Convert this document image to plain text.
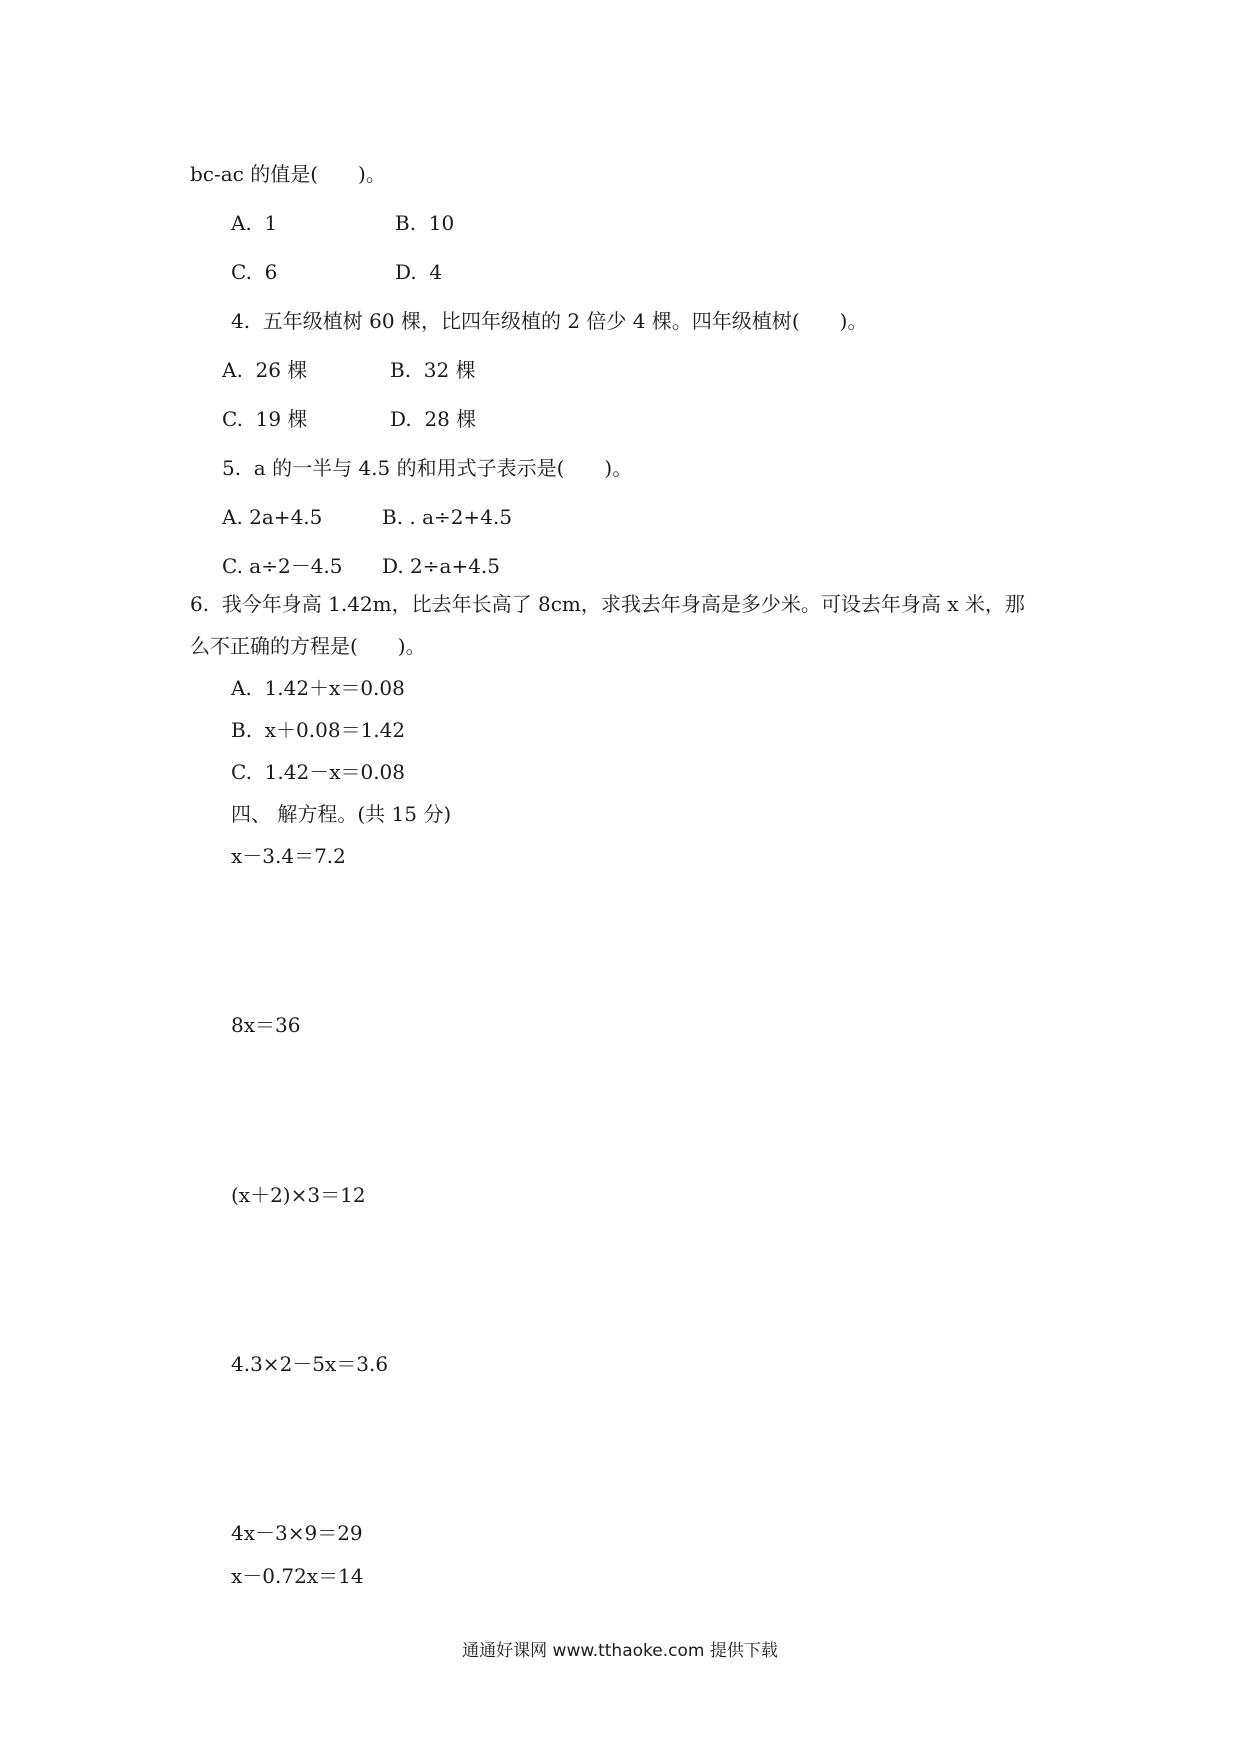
bc-ac 的值是(　　)。
A.  1	B.  10
C.  6	D.  4
4.  五年级植树 60 棵，比四年级植的 2 倍少 4 棵。四年级植树(　　)。
A.  26 棵	B.  32 棵
C.  19 棵	D.  28 棵
5.  a 的一半与 4.5 的和用式子表示是(　　)。
A. 2a+4.5	B. . a÷2+4.5
C. a÷2－4.5 D. 2÷a+4.5
6.  我今年身高 1.42m，比去年长高了 8cm，求我去年身高是多少米。可设去年身高 x 米，那
么不正确的方程是(　　)。
A.  1.42＋x＝0.08
B.  x＋0.08＝1.42
C.  1.42－x＝0.08
四、 解方程。(共 15 分)
x－3.4＝7.2
8x＝36
(x＋2)×3＝12
4.3×2－5x＝3.6
4x－3×9＝29
x－0.72x＝14
通通好课网 www.tthaoke.com 提供下载
